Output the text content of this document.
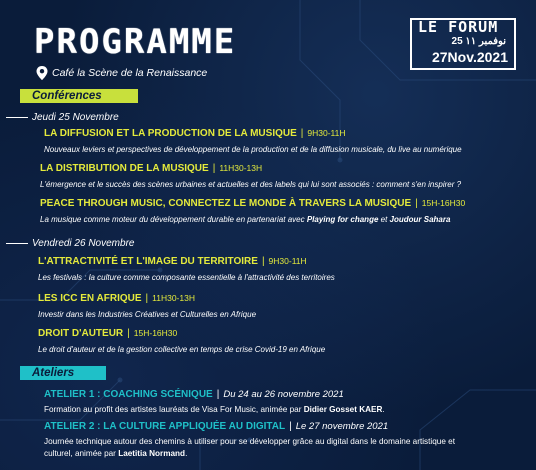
PROGRAMME
Café la Scène de la Renaissance
LE FORUM
25 نوفمبر ١١
27Nov.2021
Conférences
Jeudi 25 Novembre
LA DIFFUSION ET LA PRODUCTION DE LA MUSIQUE | 9H30-11H
Nouveaux leviers et perspectives de développement de la production et de la diffusion musicale, du live au numérique
LA DISTRIBUTION DE LA MUSIQUE | 11H30-13H
L'émergence et le succès des scènes urbaines et actuelles et des labels qui lui sont associés : comment s'en inspirer ?
PEACE THROUGH MUSIC, CONNECTEZ LE MONDE À TRAVERS LA MUSIQUE | 15H-16H30
La musique comme moteur du développement durable en partenariat avec Playing for change et Joudour Sahara
Vendredi 26 Novembre
L'ATTRACTIVITÉ ET L'IMAGE DU TERRITOIRE | 9H30-11H
Les festivals : la culture comme composante essentielle à l'attractivité des territoires
LES ICC EN AFRIQUE | 11H30-13H
Investir dans les Industries Créatives et Culturelles en Afrique
DROIT D'AUTEUR | 15H-16H30
Le droit d'auteur et de la gestion collective en temps de crise Covid-19 en Afrique
Ateliers
ATELIER 1 : COACHING SCÉNIQUE | Du 24 au 26 novembre 2021
Formation au profit des artistes lauréats de Visa For Music, animée par Didier Gosset KAER.
ATELIER 2 : LA CULTURE APPLIQUÉE AU DIGITAL | Le 27 novembre 2021
Journée technique autour des chemins à utiliser pour se développer grâce au digital dans le domaine artistique et
culturel, animée par Laetitia Normand.
